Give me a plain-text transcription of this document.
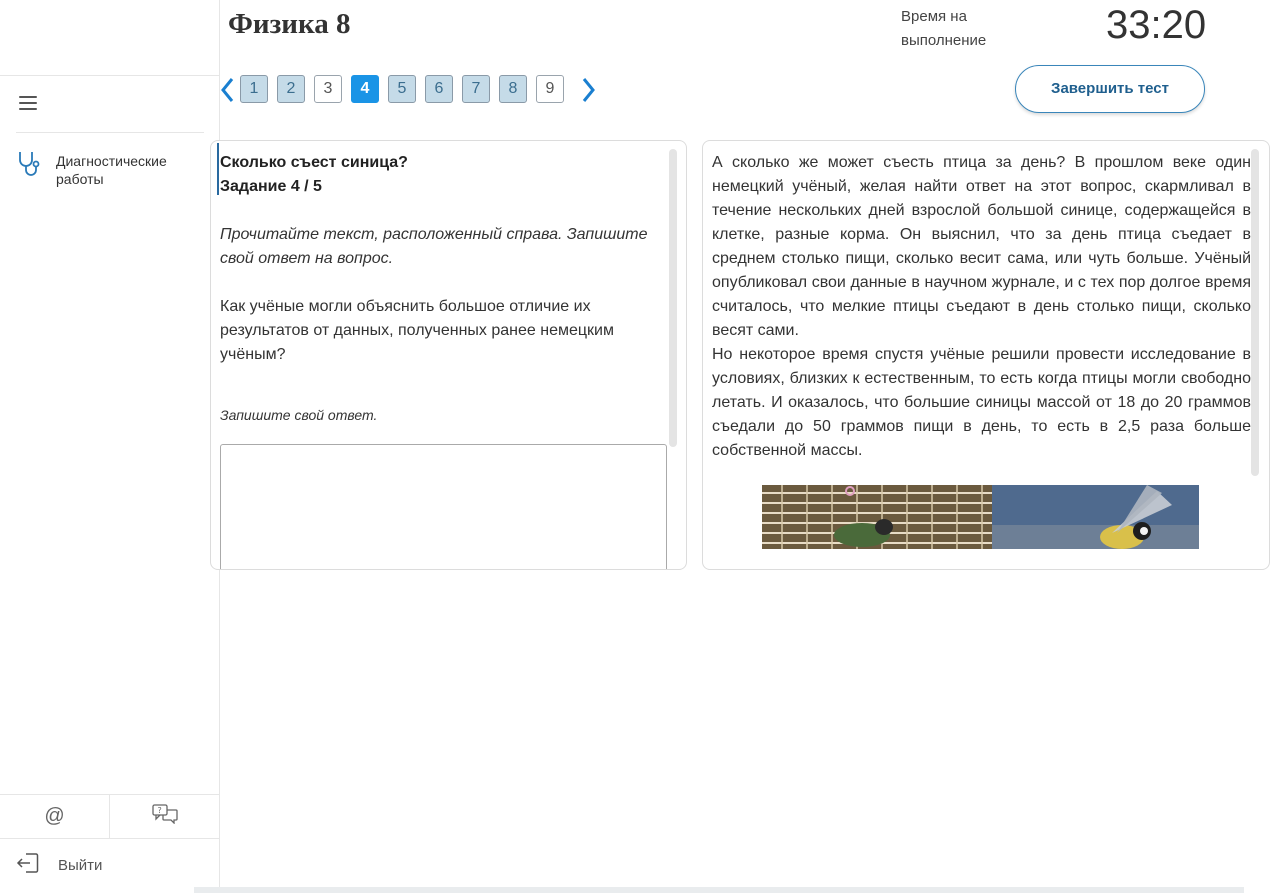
Диагностические работы
@	?
Выйти
Физика 8	Время на выполнение	33:20
1	2	3	4	5	6	7	8	9	Завершить тест
Сколько съест синица?
Задание 4 / 5
Прочитайте текст, расположенный справа. Запишите свой ответ на вопрос.
Как учёные могли объяснить большое отличие их результатов от данных, полученных ранее немецким учёным?
Запишите свой ответ.

А сколько же может съесть птица за день? В прошлом веке один немецкий учёный, желая найти ответ на этот вопрос, скармливал в течение нескольких дней взрослой большой синице, содержащейся в клетке, разные корма. Он выяснил, что за день птица съедает в среднем столько пищи, сколько весит сама, или чуть больше. Учёный опубликовал свои данные в научном журнале, и с тех пор долгое время считалось, что мелкие птицы съедают в день столько пищи, сколько весят сами.

Но некоторое время спустя учёные решили провести исследование в условиях, близких к естественным, то есть когда птицы могли свободно летать. И оказалось, что большие синицы массой от 18 до 20 граммов съедали до 50 граммов пищи в день, то есть в 2,5 раза больше собственной массы.
